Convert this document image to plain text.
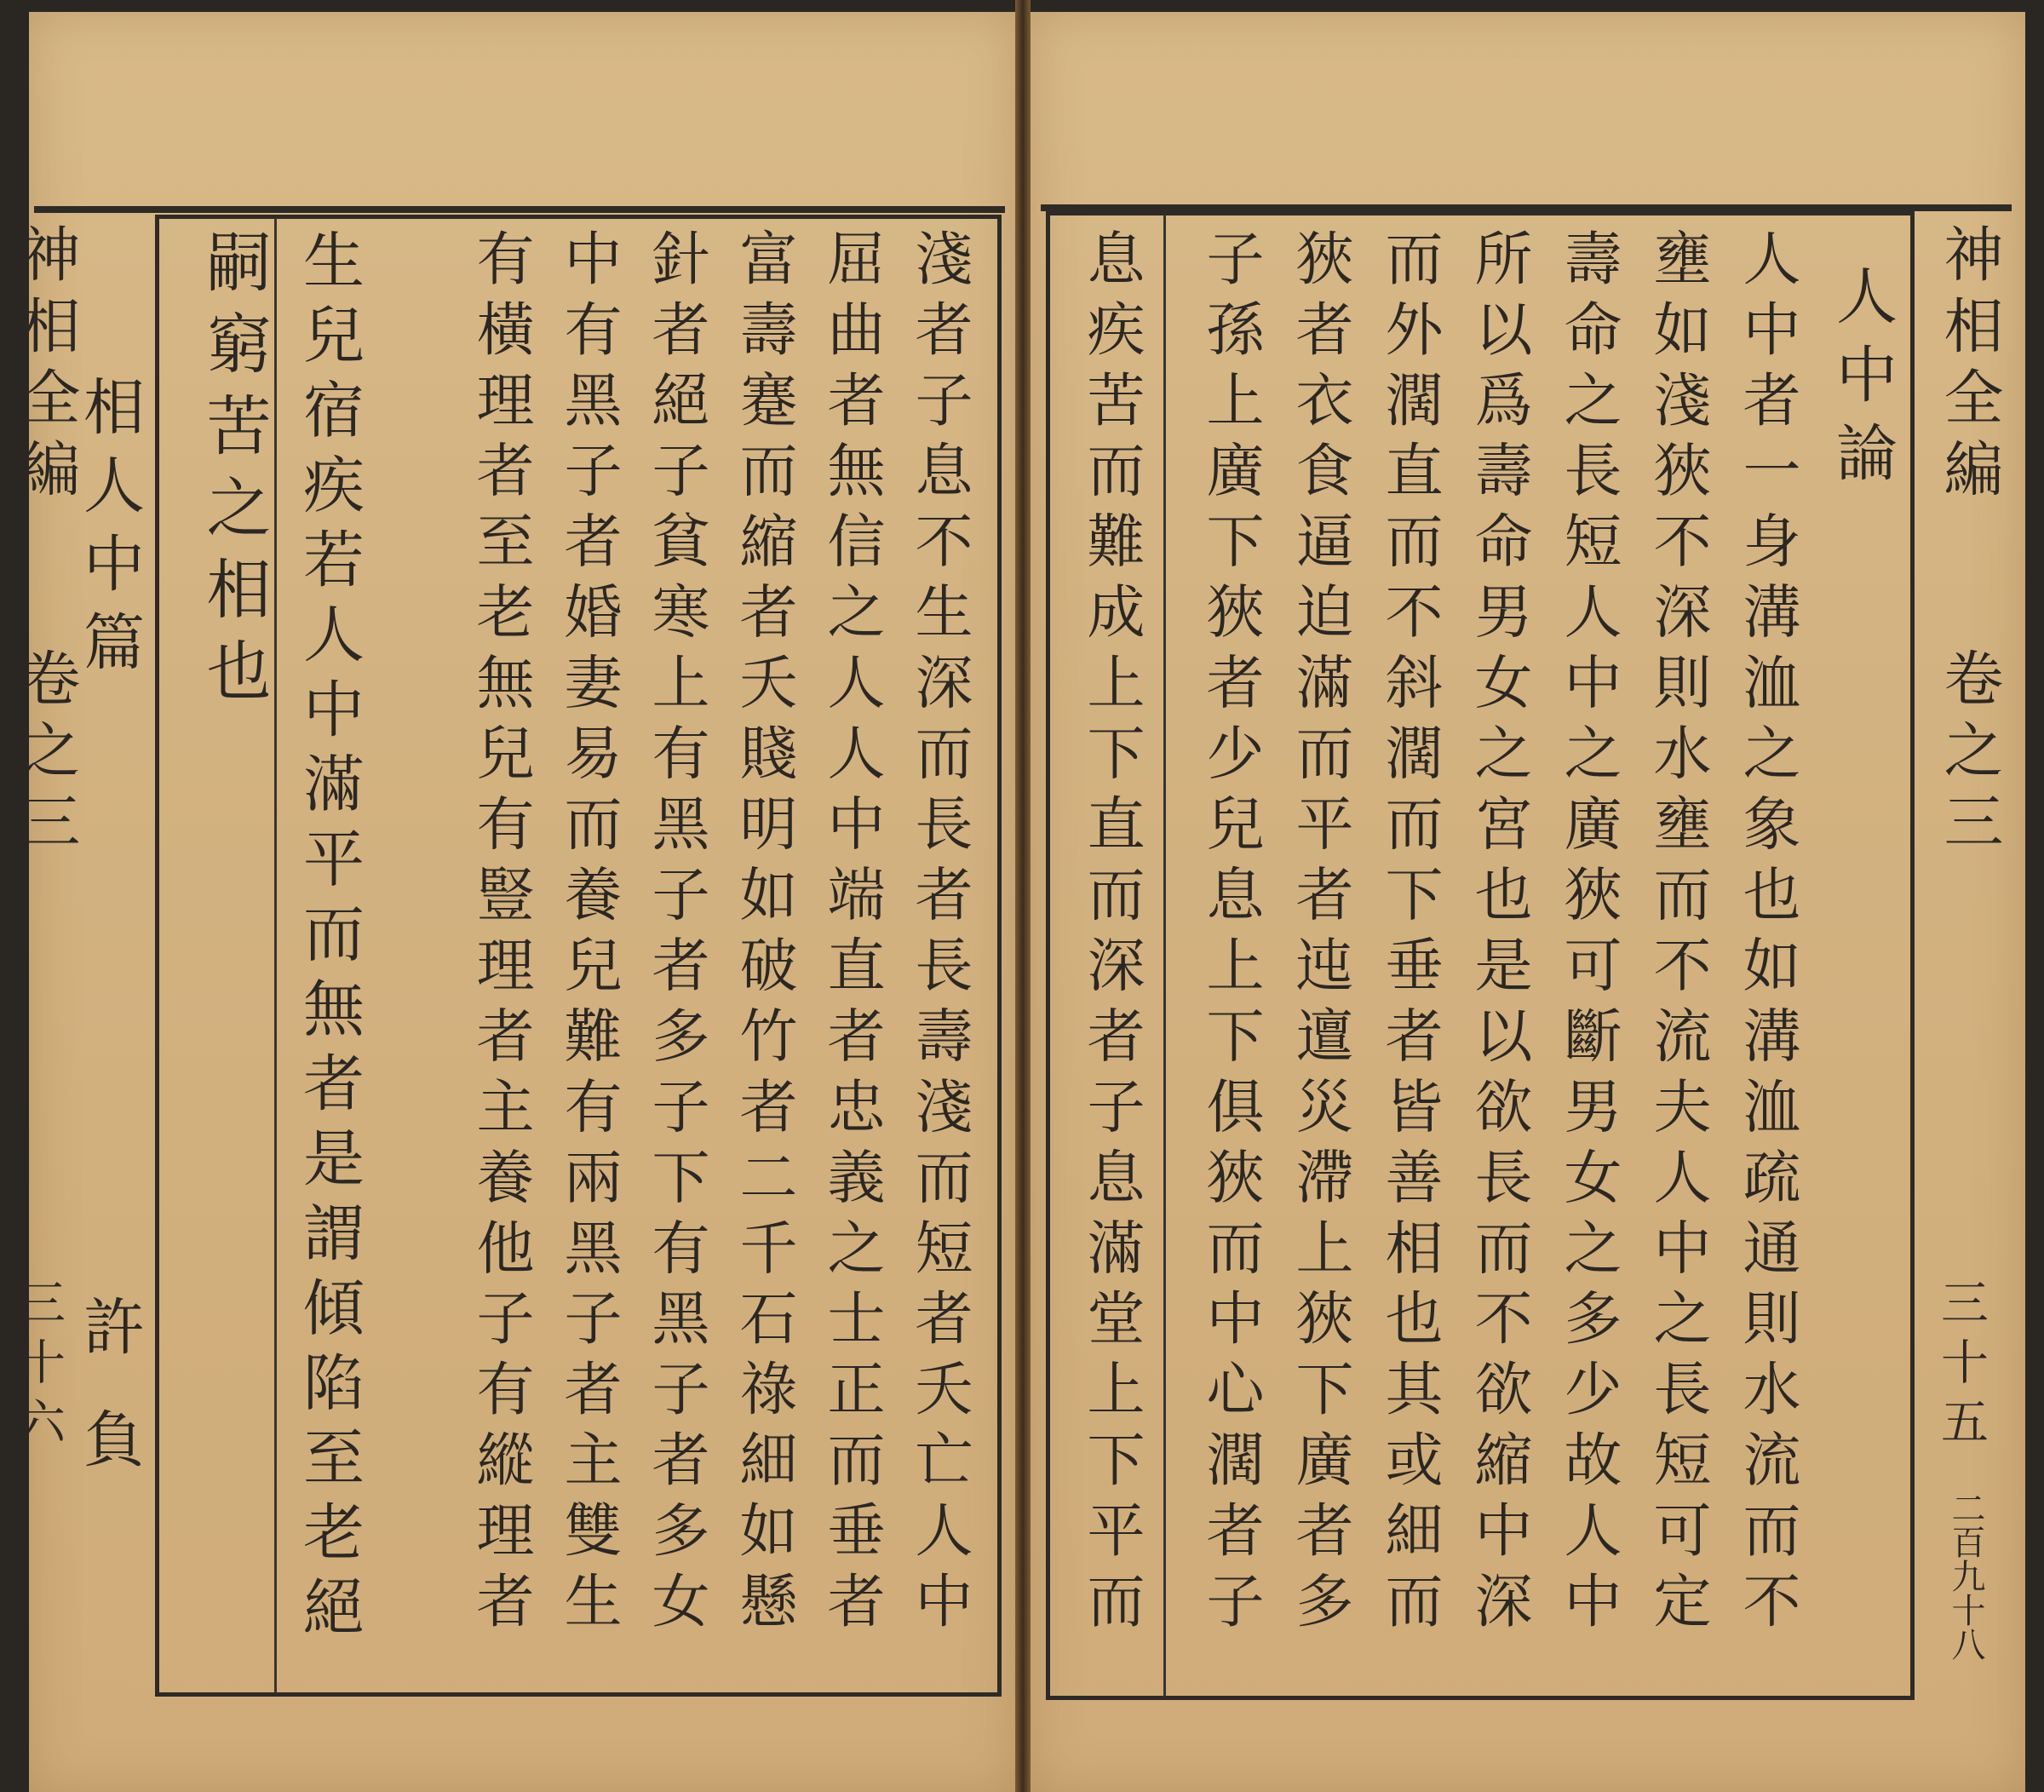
神相全編
卷之三
三十五
二百九十八
人中論
人中者一身溝洫之象也如溝洫疏通則水流而不
壅如淺狹不深則水壅而不流夫人中之長短可定
壽命之長短人中之廣狹可斷男女之多少故人中
所以爲壽命男女之宮也是以欲長而不欲縮中深
而外濶直而不斜濶而下垂者皆善相也其或細而
狹者衣食逼迫滿而平者迍邅災滯上狹下廣者多
子孫上廣下狹者少兒息上下俱狹而中心濶者子
息疾苦而難成上下直而深者子息滿堂上下平而
淺者子息不生深而長者長壽淺而短者夭亡人中
屈曲者無信之人人中端直者忠義之士正而垂者
富壽蹇而縮者夭賤明如破竹者二千石祿細如懸
針者絕子貧寒上有黑子者多子下有黑子者多女
中有黑子者婚妻易而養兒難有兩黑子者主雙生
有橫理者至老無兒有豎理者主養他子有縱理者
生兒宿疾若人中滿平而無者是謂傾陷至老絕
嗣窮苦之相也
相人中篇
許負
神相全編
卷之三
三十六
